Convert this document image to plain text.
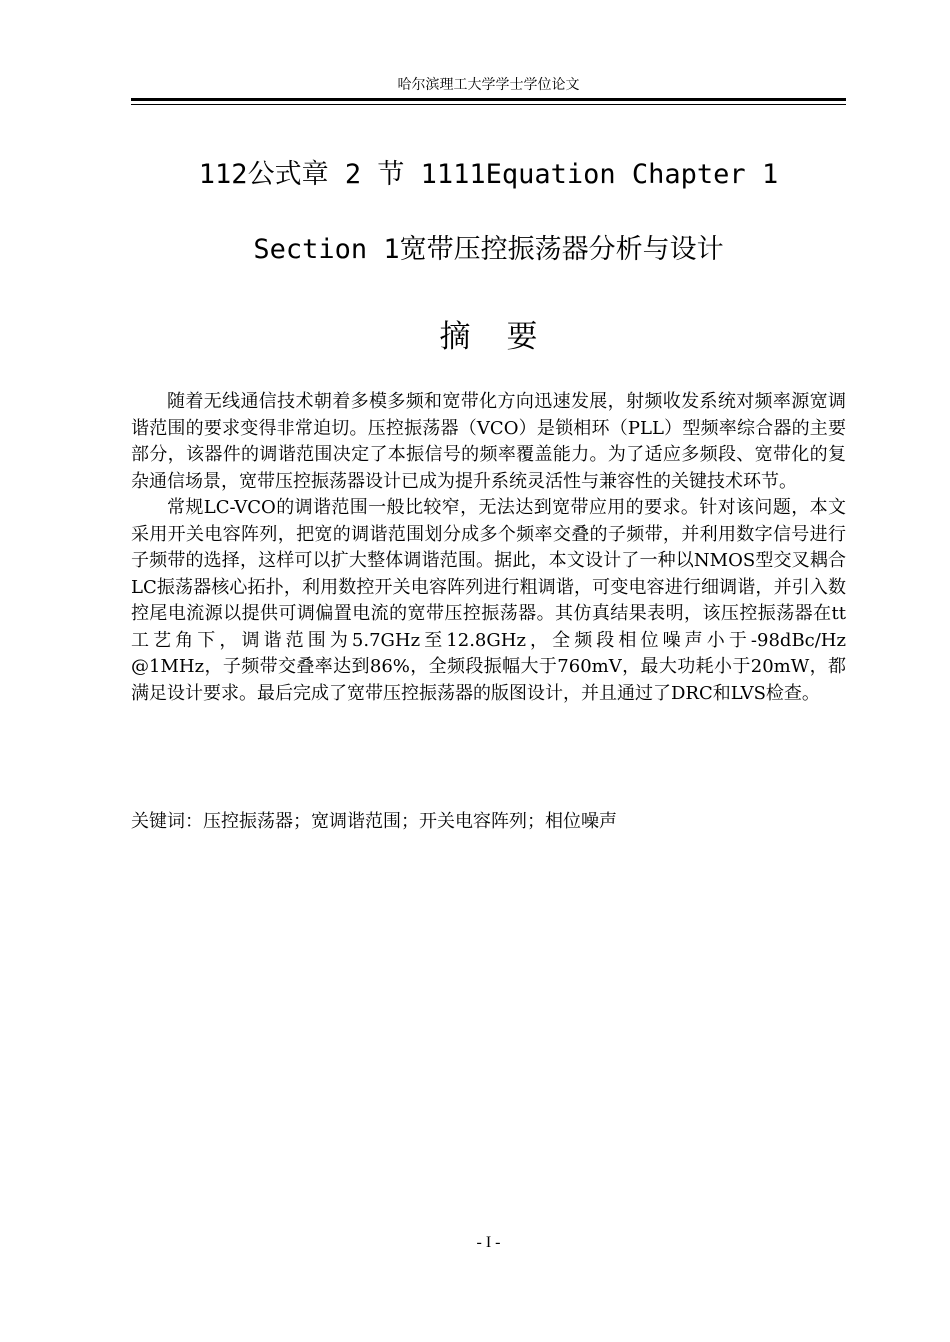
哈尔滨理工大学学士学位论文
112公式章 2 节 1111Equation Chapter 1
Section 1宽带压控振荡器分析与设计
摘要

随着无线通信技术朝着多模多频和宽带化方向迅速发展，射频收发系统对频率源宽调谐范围的要求变得非常迫切。压控振荡器（VCO）是锁相环（PLL）型频率综合器的主要部分，该器件的调谐范围决定了本振信号的频率覆盖能力。为了适应多频段、宽带化的复杂通信场景，宽带压控振荡器设计已成为提升系统灵活性与兼容性的关键技术环节。

常规LC-VCO的调谐范围一般比较窄，无法达到宽带应用的要求。针对该问题，本文采用开关电容阵列，把宽的调谐范围划分成多个频率交叠的子频带，并利用数字信号进行子频带的选择，这样可以扩大整体调谐范围。据此，本文设计了一种以NMOS型交叉耦合LC振荡器核心拓扑，利用数控开关电容阵列进行粗调谐，可变电容进行细调谐，并引入数控尾电流源以提供可调偏置电流的宽带压控振荡器。其仿真结果表明，该压控振荡器在tt工艺角下，调谐范围为5.7GHz至12.8GHz，全频段相位噪声小于-98dBc/Hz @1MHz，子频带交叠率达到86%，全频段振幅大于760mV，最大功耗小于20mW，都满足设计要求。最后完成了宽带压控振荡器的版图设计，并且通过了DRC和LVS检查。

关键词：压控振荡器；宽调谐范围；开关电容阵列；相位噪声
- I -
